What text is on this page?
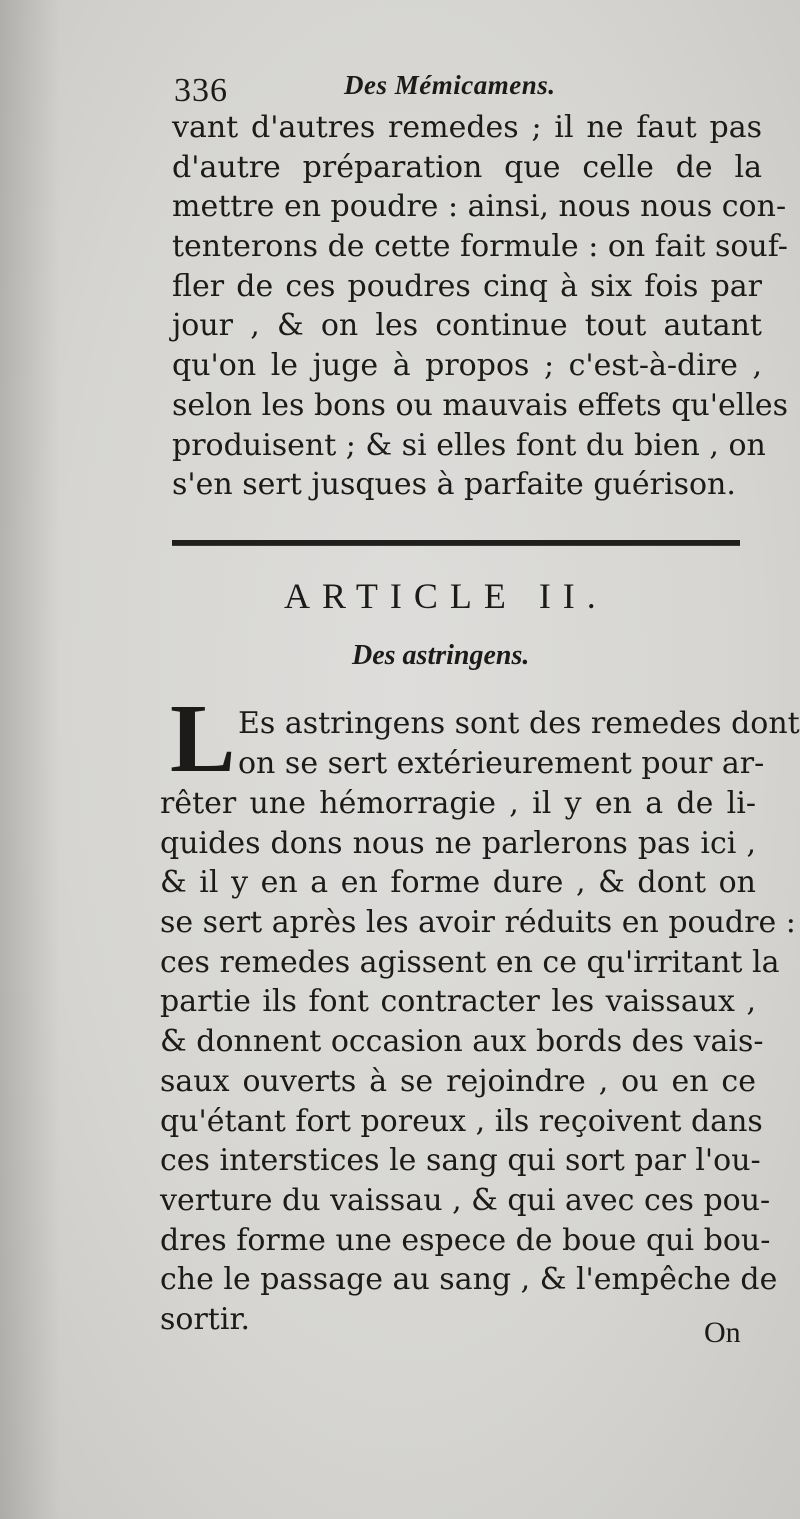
336	Des Mémicamens.
vant d'autres remedes ; il ne faut pas
d'autre préparation que celle de la
mettre en poudre : ainsi, nous nous con-
tenterons de cette formule : on fait souf-
fler de ces poudres cinq à six fois par
jour , & on les continue tout autant
qu'on le juge à propos ; c'est-à-dire ,
selon les bons ou mauvais effets qu'elles
produisent ; & si elles font du bien , on
s'en sert jusques à parfaite guérison.
ARTICLE II.
Des astringens.
L Es astringens sont des remedes dont
on se sert extérieurement pour ar-
rêter une hémorragie , il y en a de li-
quides dons nous ne parlerons pas ici ,
& il y en a en forme dure , & dont on
se sert après les avoir réduits en poudre :
ces remedes agissent en ce qu'irritant la
partie ils font contracter les vaissaux ,
& donnent occasion aux bords des vais-
saux ouverts à se rejoindre , ou en ce
qu'étant fort poreux , ils reçoivent dans
ces interstices le sang qui sort par l'ou-
verture du vaissau , & qui avec ces pou-
dres forme une espece de boue qui bou-
che le passage au sang , & l'empêche de
sortir.	On
